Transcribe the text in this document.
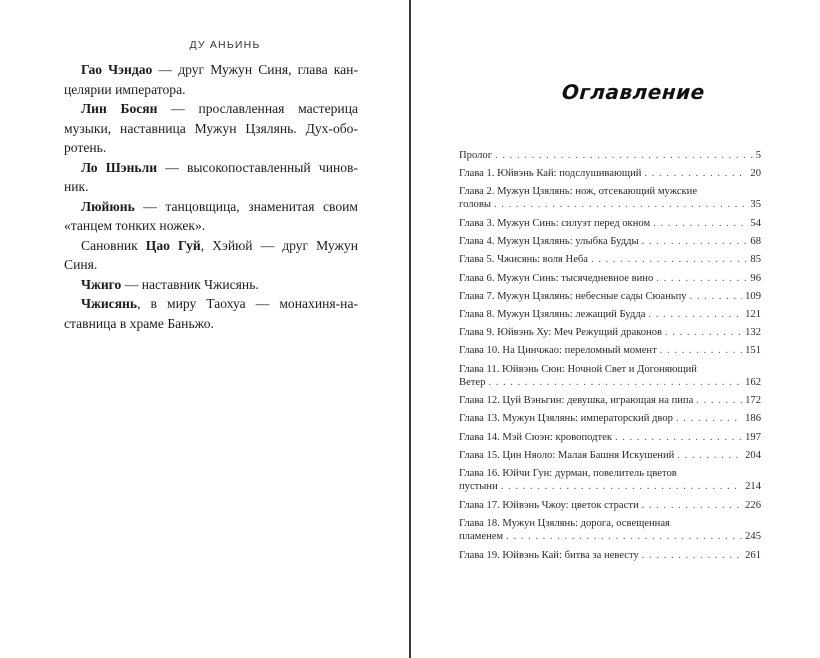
ДУ АНЬИНЬ

Гао Чэндао — друг Мужун Синя, глава кан-

целярии императора.

Лин Босян — прославленная мастерица

музыки, наставница Мужун Цзялянь. Дух-обо-

ротень.

Ло Шэньли — высокопоставленный чинов-

ник.

Люйюнь — танцовщица, знаменитая своим

«танцем тонких ножек».

Сановник Цао Гуй, Хэйюй — друг Мужун

Синя.

Чжиго — наставник Чжисянь.

Чжисянь, в миру Таохуа — монахиня-на-

ставница в храме Баньжо.

Оглавление
Пролог . . .	5
Глава 1. Юйвэнь Кай: подслушивающий . . .	20
Глава 2. Мужун Цзялянь: нож, отсекающий мужские
головы . . .	35
Глава 3. Мужун Синь: силуэт перед окном . . .	54
Глава 4. Мужун Цзялянь: улыбка Будды . . .	68
Глава 5. Чжисянь: воля Неба . . .	85
Глава 6. Мужун Синь: тысячедневное вино . . .	96
Глава 7. Мужун Цзялянь: небесные сады Сюаньпу . . .	109
Глава 8. Мужун Цзялянь: лежащий Будда . . .	121
Глава 9. Юйвэнь Ху: Меч Режущий драконов . . .	132
Глава 10. На Цинчжао: переломный момент . . .	151
Глава 11. Юйвэнь Сюн: Ночной Свет и Догоняющий
Ветер . . .	162
Глава 12. Цуй Вэньгин: девушка, играющая на пипа . . .	172
Глава 13. Мужун Цзялянь: императорский двор . . .	186
Глава 14. Мэй Сюэн: кровоподтек . . .	197
Глава 15. Цин Няоло: Малая Башня Искушений . . .	204
Глава 16. Юйчи Гун: дурман, повелитель цветов
пустыни . . .	214
Глава 17. Юйвэнь Чжоу: цветок страсти . . .	226
Глава 18. Мужун Цзялянь: дорога, освещенная
пламенем . . .	245
Глава 19. Юйвэнь Кай: битва за невесту . . .	261
